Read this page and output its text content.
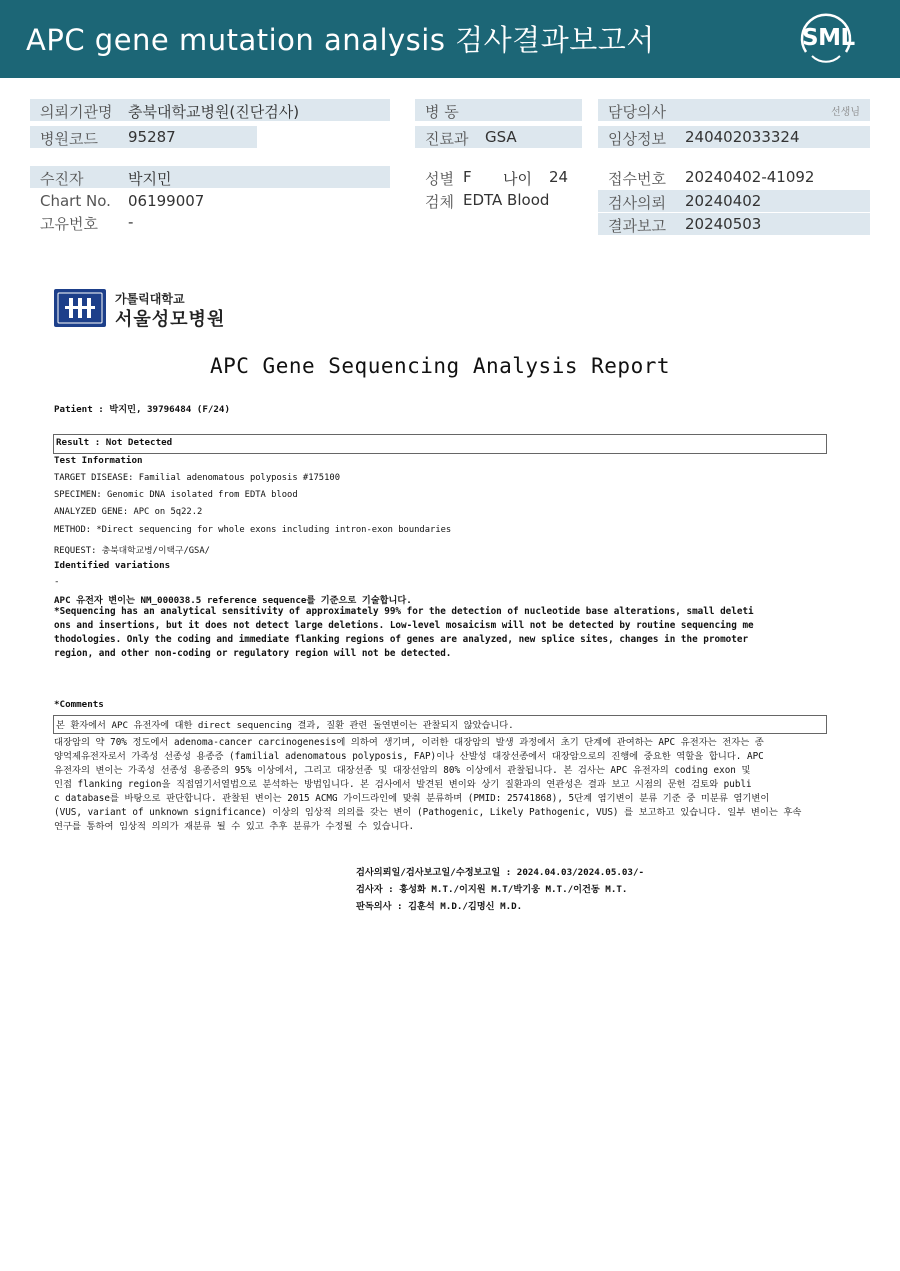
APC gene mutation analysis 검사결과보고서	SML
의뢰기관명 충북대학교병원(진단검사)
병원코드 95287
병 동
진료과 GSA
담당의사	선생님
임상정보 240402033324
수진자	박지민
Chart No. 06199007
고유번호 -
성별 F 나이 24
검체 EDTA Blood
접수번호 20240402-41092
검사의뢰 20240402
결과보고 20240503
가톨릭대학교
서울성모병원
APC Gene Sequencing Analysis Report
Patient : 박지민, 39796484 (F/24)
Result : Not Detected
Test Information
TARGET DISEASE: Familial adenomatous polyposis #175100
SPECIMEN: Genomic DNA isolated from EDTA blood
ANALYZED GENE: APC on 5q22.2
METHOD: *Direct sequencing for whole exons including intron-exon boundaries
REQUEST: 충북대학교병/이택구/GSA/
Identified variations
-
APC 유전자 변이는 NM_000038.5 reference sequence를 기준으로 기술합니다.
*Sequencing has an analytical sensitivity of approximately 99% for the detection of nucleotide base alterations, small deleti
ons and insertions, but it does not detect large deletions. Low-level mosaicism will not be detected by routine sequencing me
thodologies. Only the coding and immediate flanking regions of genes are analyzed, new splice sites, changes in the promoter
region, and other non-coding or regulatory region will not be detected.
*Comments
본 환자에서 APC 유전자에 대한 direct sequencing 결과, 질환 관련 돌연변이는 관찰되지 않았습니다.
대장암의 약 70% 정도에서 adenoma-cancer carcinogenesis에 의하여 생기며, 이러한 대장암의 발생 과정에서 초기 단계에 관여하는 APC 유전자는 전자는 종
양억제유전자로서 가족성 선종성 용종증 (familial adenomatous polyposis, FAP)이나 산발성 대장선종에서 대장암으로의 진행에 중요한 역할을 합니다. APC
유전자의 변이는 가족성 선종성 용종증의 95% 이상에서, 그리고 대장선종 및 대장선암의 80% 이상에서 관찰됩니다. 본 검사는 APC 유전자의 coding exon 및
인접 flanking region을 직접염기서열법으로 분석하는 방법입니다. 본 검사에서 발견된 변이와 상기 질환과의 연관성은 결과 보고 시점의 문헌 검토와 publi
c database를 바탕으로 판단합니다. 관찰된 변이는 2015 ACMG 가이드라인에 맞춰 분류하며 (PMID: 25741868), 5단계 염기변이 분류 기준 중 미분류 염기변이
(VUS, variant of unknown significance) 이상의 임상적 의의를 갖는 변이 (Pathogenic, Likely Pathogenic, VUS) 를 보고하고 있습니다. 일부 변이는 후속
연구를 통하여 임상적 의의가 재분류 될 수 있고 추후 분류가 수정될 수 있습니다.
검사의뢰일/검사보고일/수정보고일 : 2024.04.03/2024.05.03/-
검사자 : 홍성화 M.T./이지원 M.T/박기웅 M.T./이건동 M.T.
판독의사 : 김훈석 M.D./김명신 M.D.
